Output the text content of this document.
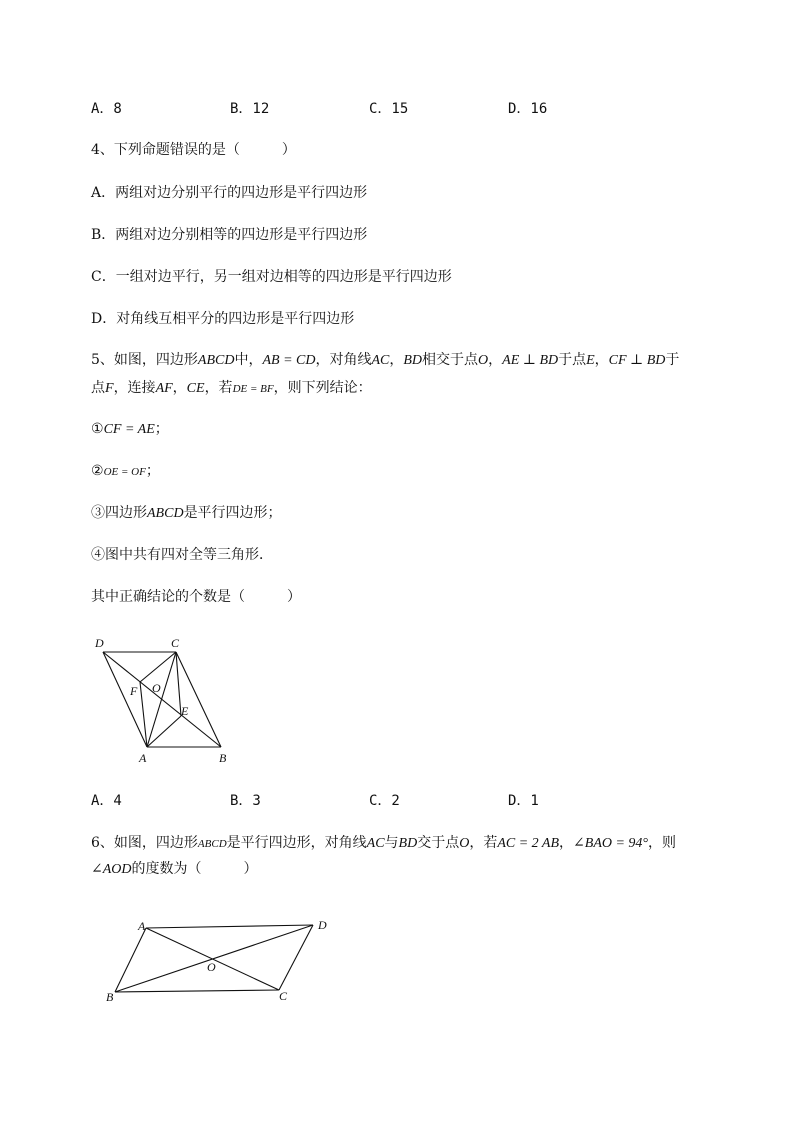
A．8	B．12	C．15	D．16
4、下列命题错误的是（　　　）
A．两组对边分别平行的四边形是平行四边形
B．两组对边分别相等的四边形是平行四边形
C．一组对边平行，另一组对边相等的四边形是平行四边形
D．对角线互相平分的四边形是平行四边形
5、如图，四边形ABCD中，AB = CD，对角线AC，BD相交于点O，AE ⊥ BD于点E，CF ⊥ BD于
点F，连接AF，CE，若DE = BF，则下列结论：
①CF = AE；
②OE = OF；
③四边形ABCD是平行四边形；
④图中共有四对全等三角形．
其中正确结论的个数是（　　　）
D	C
F O
E
A	B
A．4	B．3	C．2	D．1
6、如图，四边形ABCD是平行四边形，对角线AC与BD交于点O，若AC = 2 AB，∠BAO = 94°，则
∠AOD的度数为（　　　）
A	D
O
B	C
